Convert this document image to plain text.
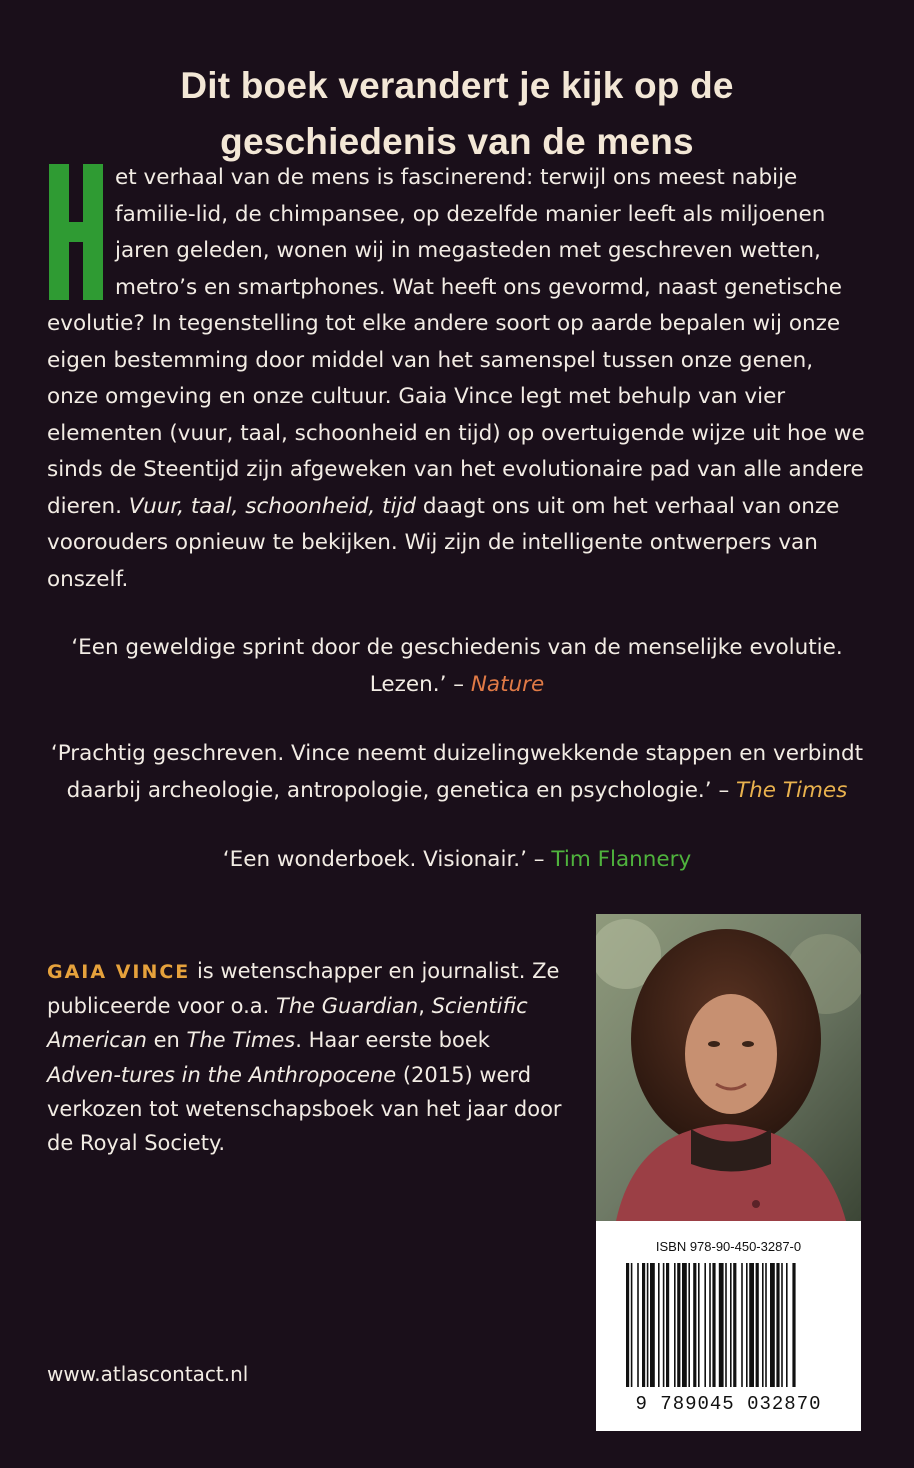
Dit boek verandert je kijk op de
geschiedenis van de mens

et verhaal van de mens is fascinerend: terwijl ons meest nabije familie-lid, de chimpansee, op dezelfde manier leeft als miljoenen jaren geleden, wonen wij in megasteden met geschreven wetten, metro’s en smartphones. Wat heeft ons gevormd, naast genetische evolutie? In tegenstelling tot elke andere soort op aarde bepalen wij onze eigen bestemming door middel van het samenspel tussen onze genen, onze omgeving en onze cultuur. Gaia Vince legt met behulp van vier elementen (vuur, taal, schoonheid en tijd) op overtuigende wijze uit hoe we sinds de Steentijd zijn afgeweken van het evolutionaire pad van alle andere dieren. Vuur, taal, schoonheid, tijd daagt ons uit om het verhaal van onze voorouders opnieuw te bekijken. Wij zijn de intelligente ontwerpers van onszelf.

‘Een geweldige sprint door de geschiedenis van de menselijke evolutie.
Lezen.’ – Nature
‘Prachtig geschreven. Vince neemt duizelingwekkende stappen en verbindt
daarbij archeologie, antropologie, genetica en psychologie.’ – The Times
‘Een wonderboek. Visionair.’ – Tim Flannery
GAIA VINCE is wetenschapper en journalist. Ze publiceerde voor o.a. The Guardian, Scientific American en The Times. Haar eerste boek Adven-tures in the Anthropocene (2015) werd verkozen tot wetenschapsboek van het jaar door de Royal Society.
ISBN 978-90-450-3287-0
9 789045 032870
www.atlascontact.nl
